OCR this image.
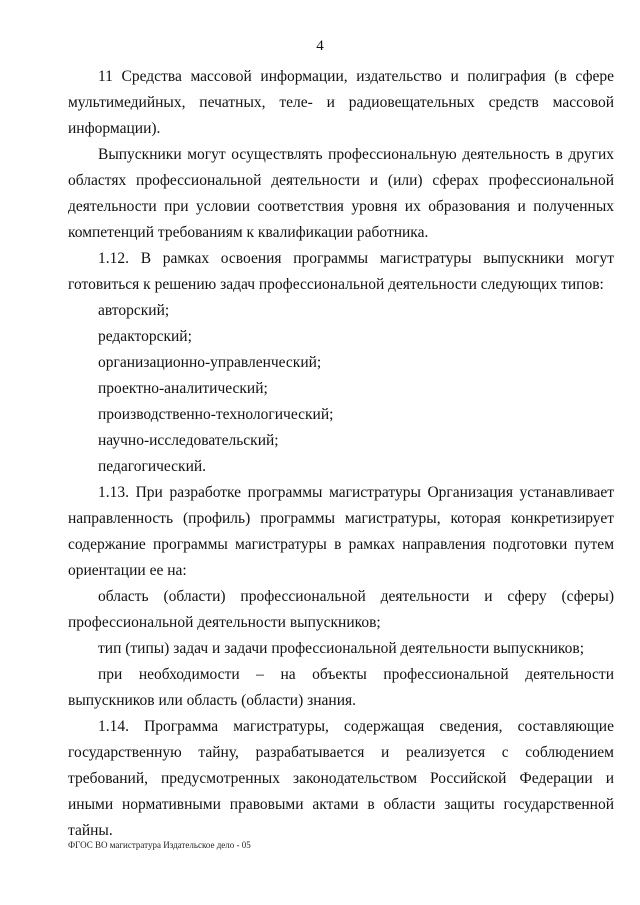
4

11 Средства массовой информации, издательство и полиграфия (в сфере мультимедийных, печатных, теле- и радиовещательных средств массовой информации).

Выпускники могут осуществлять профессиональную деятельность в других областях профессиональной деятельности и (или) сферах профессиональной деятельности при условии соответствия уровня их образования и полученных компетенций требованиям к квалификации работника.

1.12. В рамках освоения программы магистратуры выпускники могут готовиться к решению задач профессиональной деятельности следующих типов:

авторский;

редакторский;

организационно-управленческий;

проектно-аналитический;

производственно-технологический;

научно-исследовательский;

педагогический.

1.13. При разработке программы магистратуры Организация устанавливает направленность (профиль) программы магистратуры, которая конкретизирует содержание программы магистратуры в рамках направления подготовки путем ориентации ее на:

область (области) профессиональной деятельности и сферу (сферы) профессиональной деятельности выпускников;

тип (типы) задач и задачи профессиональной деятельности выпускников;

при необходимости – на объекты профессиональной деятельности выпускников или область (области) знания.

1.14. Программа магистратуры, содержащая сведения, составляющие государственную тайну, разрабатывается и реализуется с соблюдением требований, предусмотренных законодательством Российской Федерации и иными нормативными правовыми актами в области защиты государственной тайны.

ФГОС ВО магистратура Издательское дело - 05
